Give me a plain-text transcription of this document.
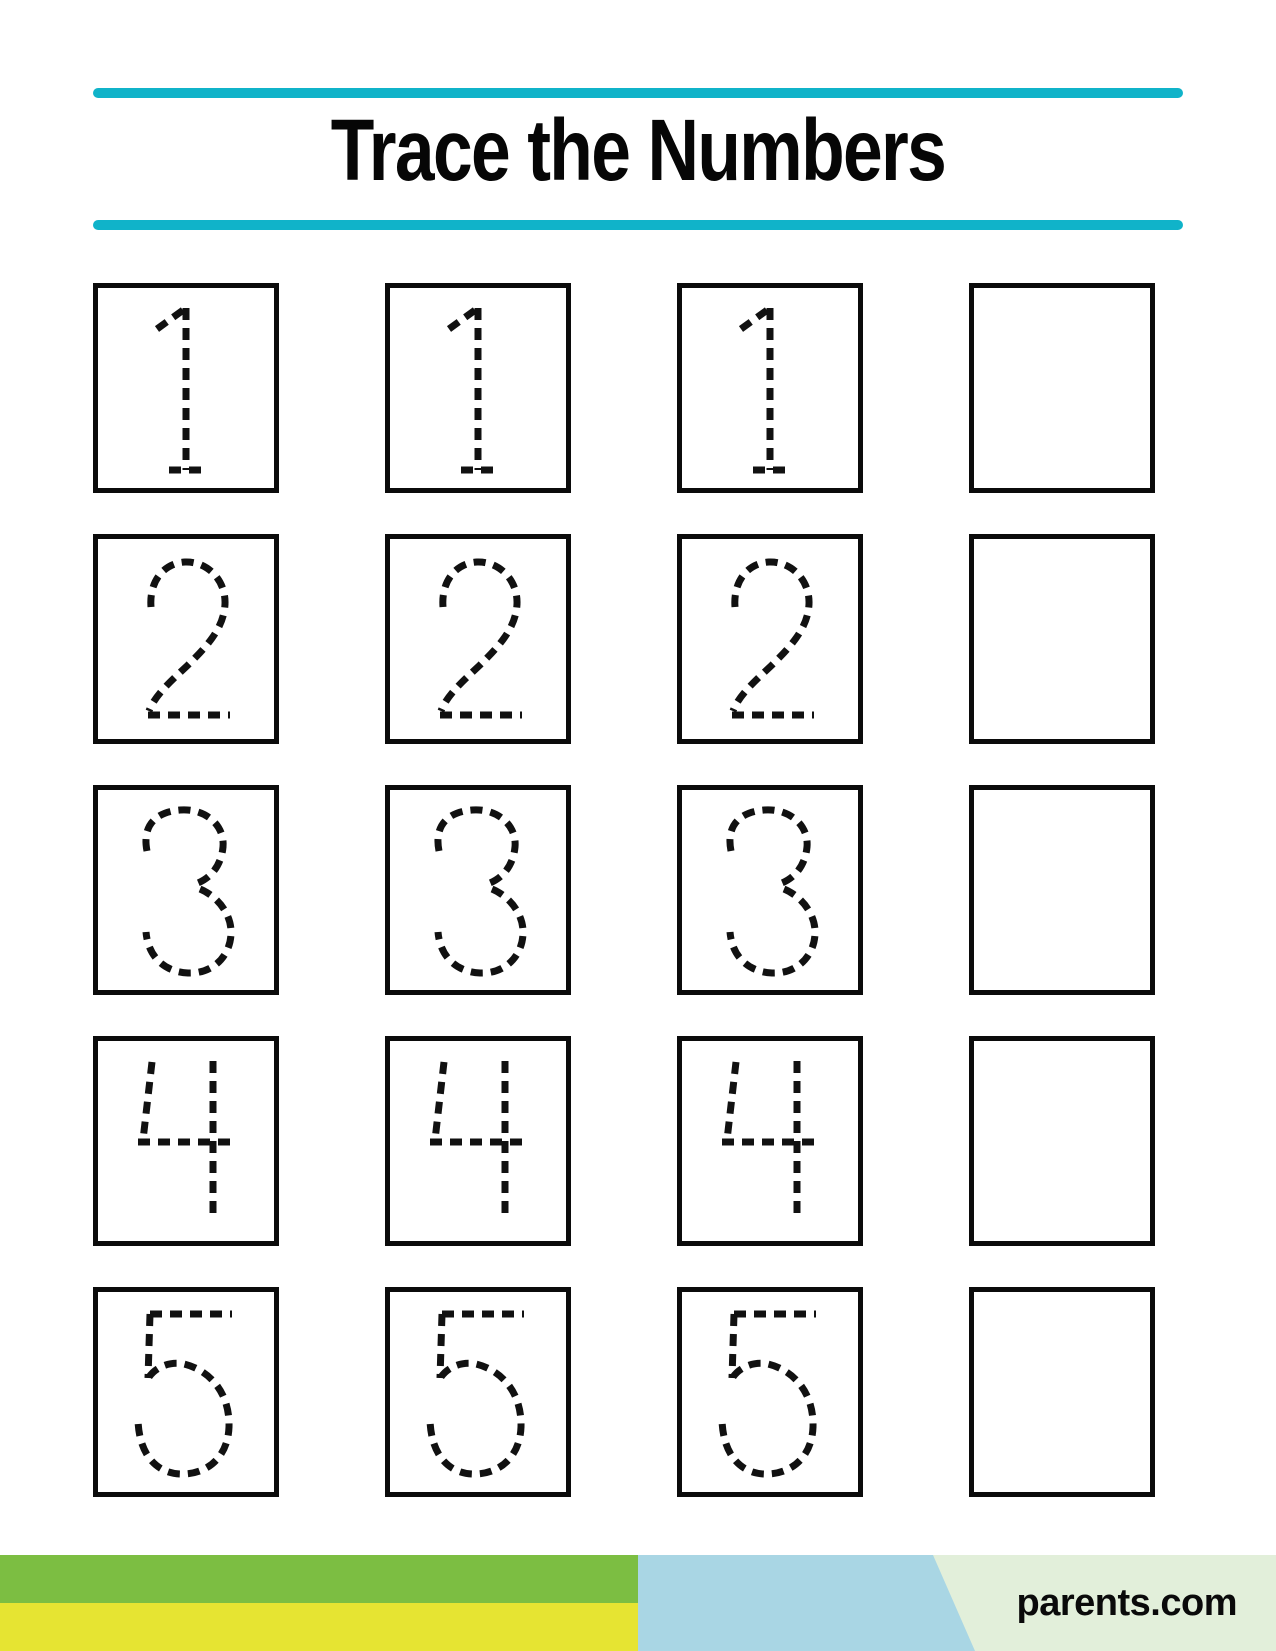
Trace the Numbers
parents.com
